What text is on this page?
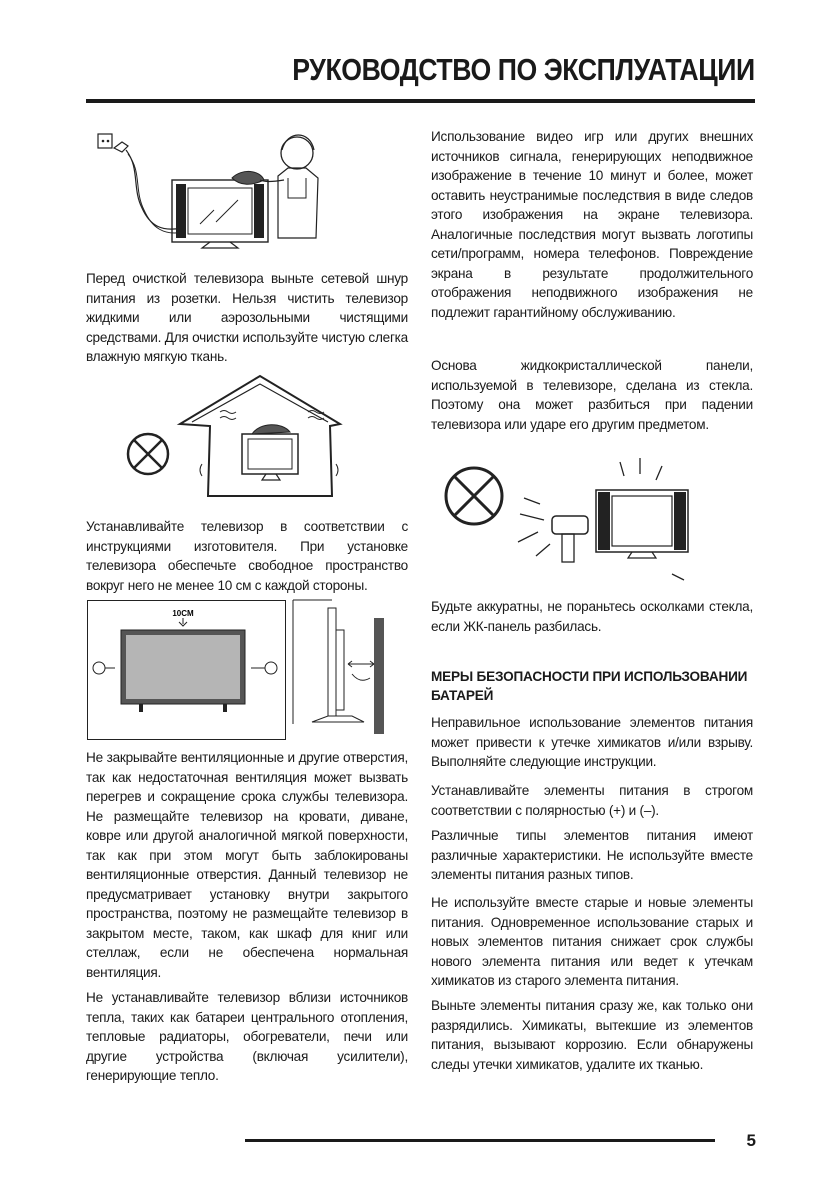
РУКОВОДСТВО ПО ЭКСПЛУАТАЦИИ
10CM

Перед очисткой телевизора выньте сетевой шнур питания из розетки. Нельзя чистить телевизор жидкими или аэрозольными чистящими средствами. Для очистки используйте чистую слегка влажную мягкую ткань.

Устанавливайте телевизор в соответствии с инструкциями изготовителя. При установке телевизора обеспечьте свободное пространство вокруг него не менее 10 см с каждой стороны.

Не закрывайте вентиляционные и другие отверстия, так как недостаточная вентиляция может вызвать перегрев и сокращение срока службы телевизора. Не размещайте телевизор на кровати, диване, ковре или другой аналогичной мягкой поверхности, так как при этом могут быть заблокированы вентиляционные отверстия. Данный телевизор не предусматривает установку внутри закрытого пространства, поэтому не размещайте телевизор в закрытом месте, таком, как шкаф для книг или стеллаж, если не обеспечена нормальная вентиляция.

Не устанавливайте телевизор вблизи источников тепла, таких как батареи центрального отопления, тепловые радиаторы, обогреватели, печи или другие устройства (включая усилители), генерирующие тепло.

Использование видео игр или других внешних источников сигнала, генерирующих неподвижное изображение в течение 10 минут и более, может оставить неустранимые последствия в виде следов этого изображения на экране телевизора. Аналогичные последствия могут вызвать логотипы сети/программ, номера телефонов. Повреждение экрана в результате продолжительного отображения неподвижного изображения не подлежит гарантийному обслуживанию.

Основа жидкокристаллической панели, используемой в телевизоре, сделана из стекла. Поэтому она может разбиться при падении телевизора или ударе его другим предметом.

Будьте аккуратны, не пораньтесь осколками стекла, если ЖК-панель разбилась.

МЕРЫ БЕЗОПАСНОСТИ ПРИ ИСПОЛЬЗОВАНИИ БАТАРЕЙ

Неправильное использование элементов питания может привести к утечке химикатов и/или взрыву. Выполняйте следующие инструкции.

Устанавливайте элементы питания в строгом соответствии с полярностью (+) и (–).

Различные типы элементов питания имеют различные характеристики. Не используйте вместе элементы питания разных типов.

Не используйте вместе старые и новые элементы питания. Одновременное использование старых и новых элементов питания снижает срок службы нового элемента питания или ведет к утечкам химикатов из старого элемента питания.

Выньте элементы питания сразу же, как только они разрядились. Химикаты, вытекшие из элементов питания, вызывают коррозию. Если обнаружены следы утечки химикатов, удалите их тканью.

5
